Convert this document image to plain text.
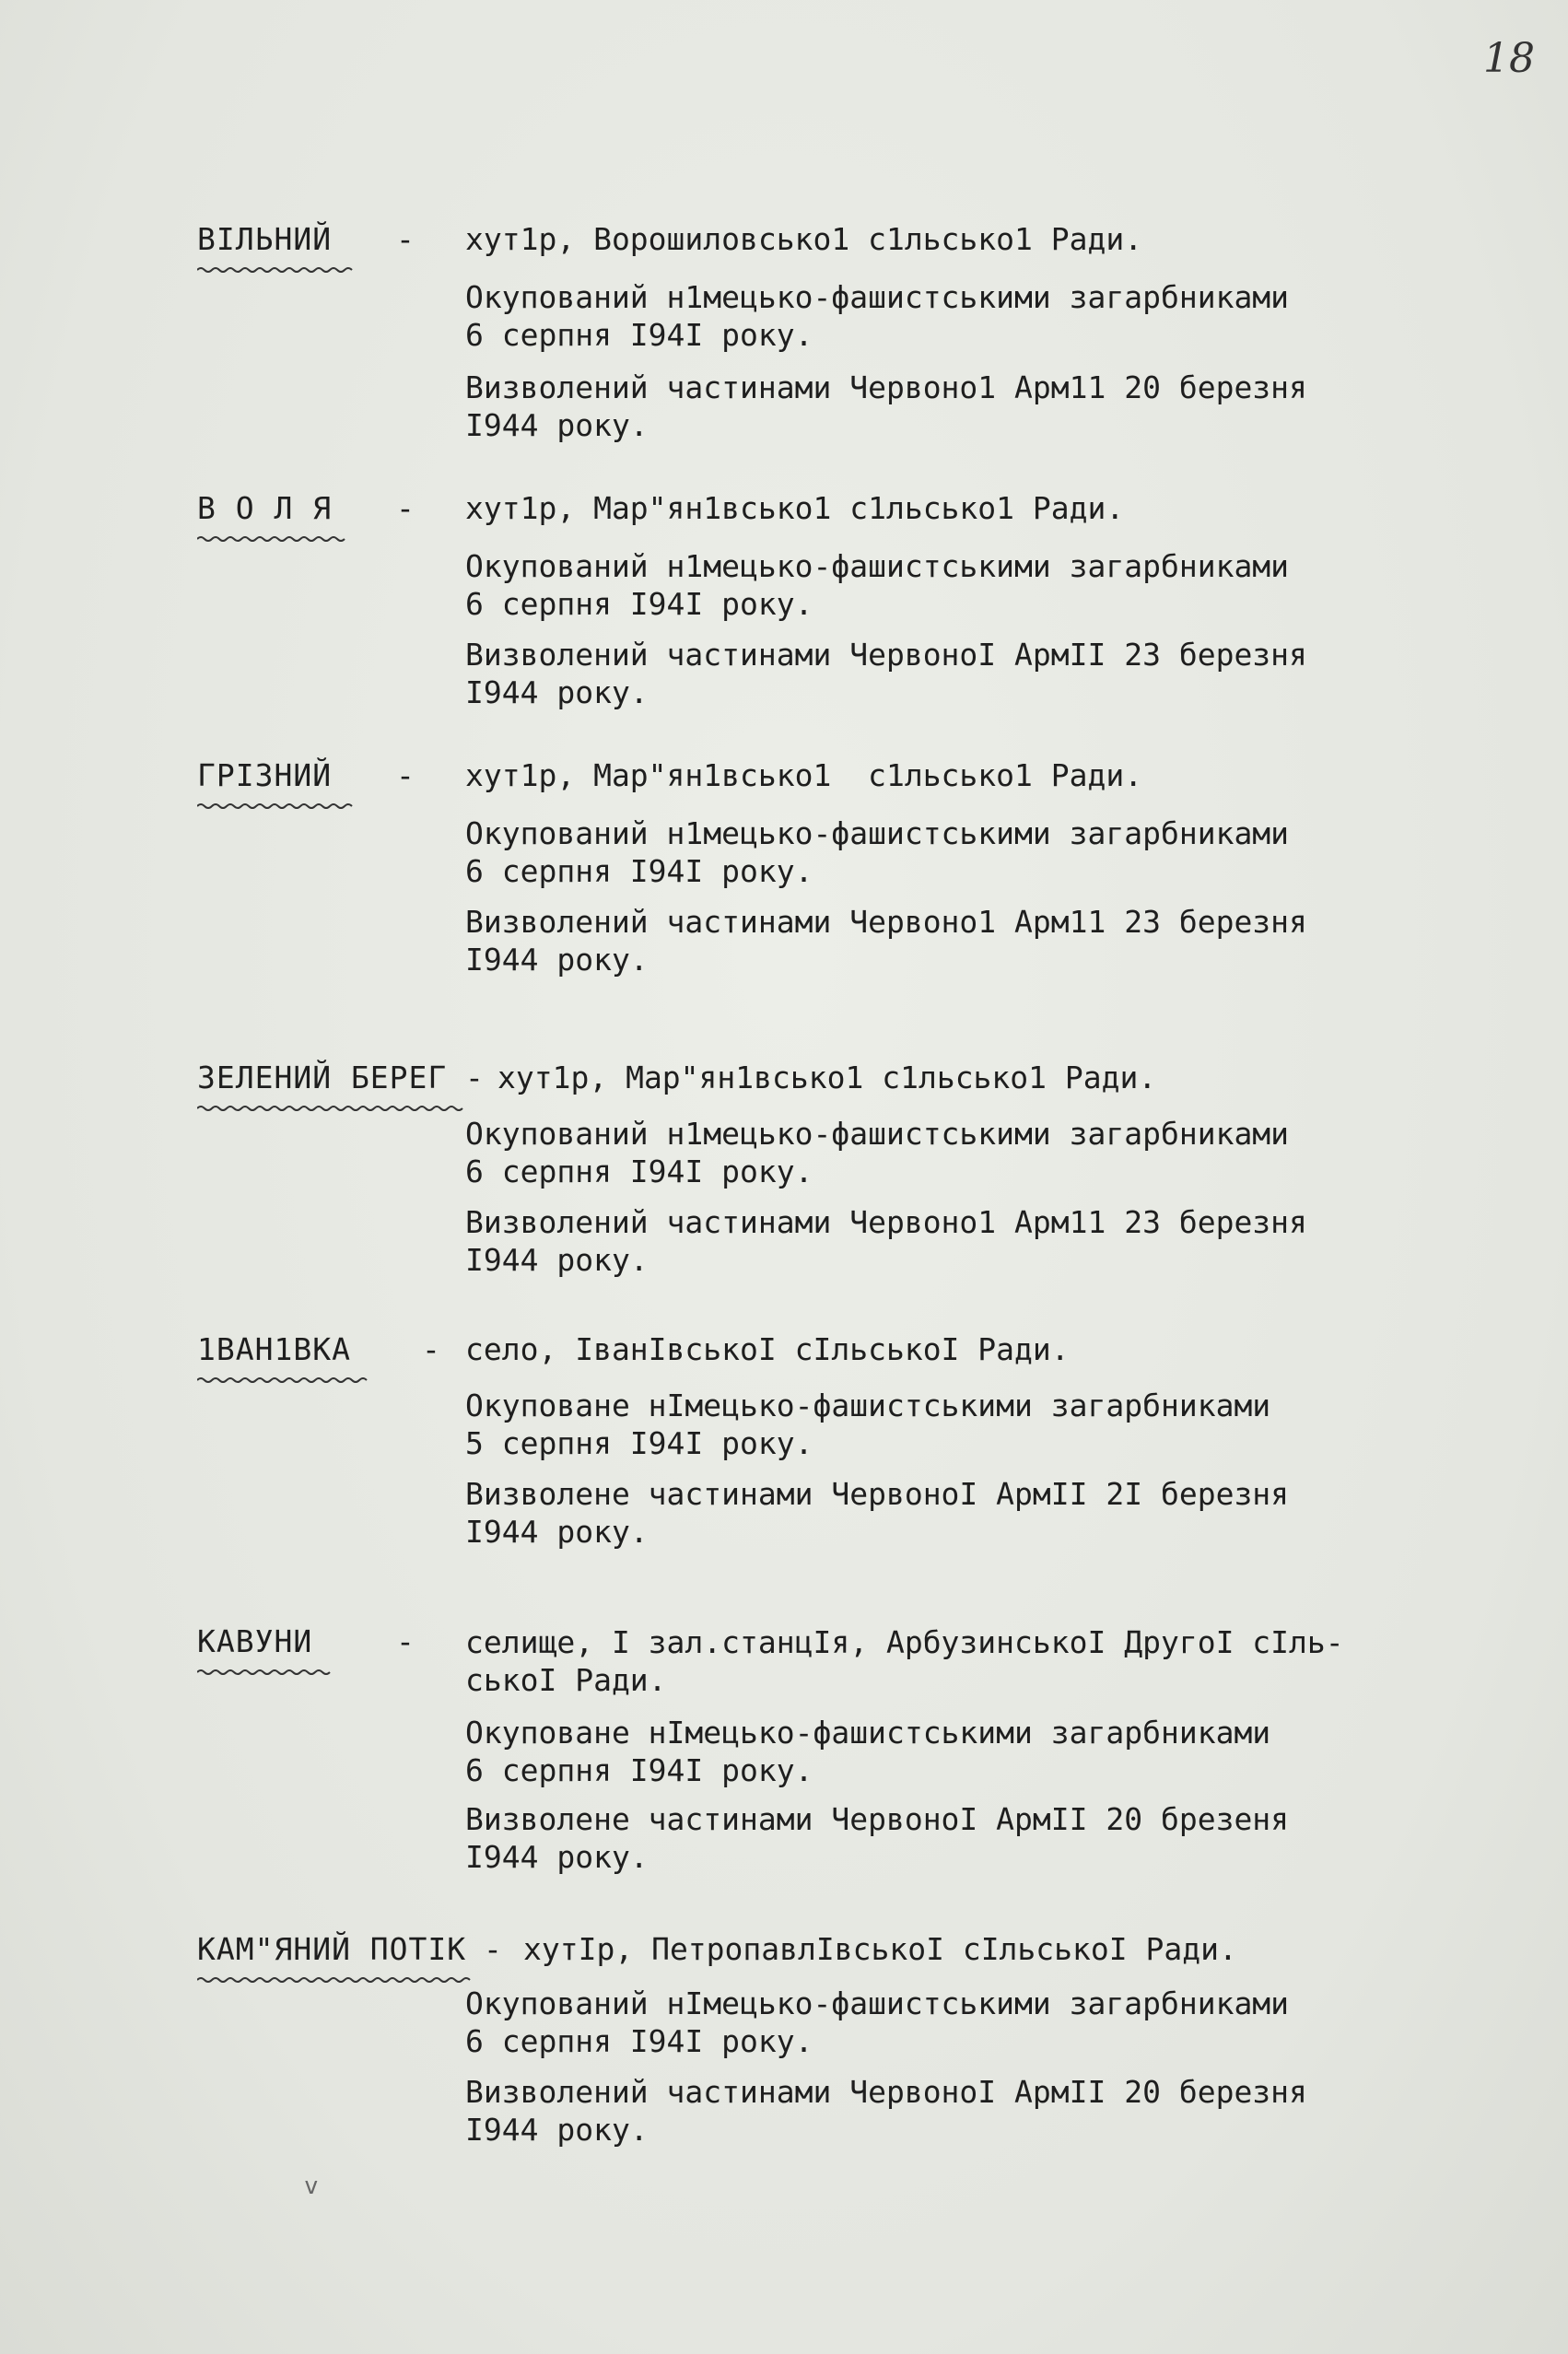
18
ВІЛЬНИЙ - хут1р, Ворошиловсько1 с1льсько1 Ради.
Окупований н1мецько-фашистськими загарбниками
6 серпня І94І року.
Визволений частинами Червоно1 Арм11 20 березня
І944 року.
В О Л Я - хут1р, Мар"ян1всько1 с1льсько1 Ради.
Окупований н1мецько-фашистськими загарбниками
6 серпня І94І року.
Визволений частинами ЧервоноІ АрмІІ 23 березня
І944 року.
ГРІЗНИЙ - хут1р, Мар"ян1всько1  с1льсько1 Ради.
Окупований н1мецько-фашистськими загарбниками
6 серпня І94І року.
Визволений частинами Червоно1 Арм11 23 березня
І944 року.
ЗЕЛЕНИЙ БЕРЕГ - хут1р, Мар"ян1всько1 с1льсько1 Ради.
Окупований н1мецько-фашистськими загарбниками
6 серпня І94І року.
Визволений частинами Червоно1 Арм11 23 березня
І944 року.
1ВАН1ВКА - село, ІванІвськоІ сІльськоІ Ради.
Окуповане нІмецько-фашистськими загарбниками
5 серпня І94І року.
Визволене частинами ЧервоноІ АрмІІ 2І березня
І944 року.
КАВУНИ	- селище, І зал.станцІя, АрбузинськоІ ДругоІ сІль-
ськоІ Ради.
Окуповане нІмецько-фашистськими загарбниками
6 серпня І94І року.
Визволене частинами ЧервоноІ АрмІІ 20 брезеня
І944 року.
КАМ"ЯНИЙ ПОТІК - хутІр, ПетропавлІвськоІ сІльськоІ Ради.
Окупований нІмецько-фашистськими загарбниками
6 серпня І94І року.
Визволений частинами ЧервоноІ АрмІІ 20 березня
І944 року.
v
